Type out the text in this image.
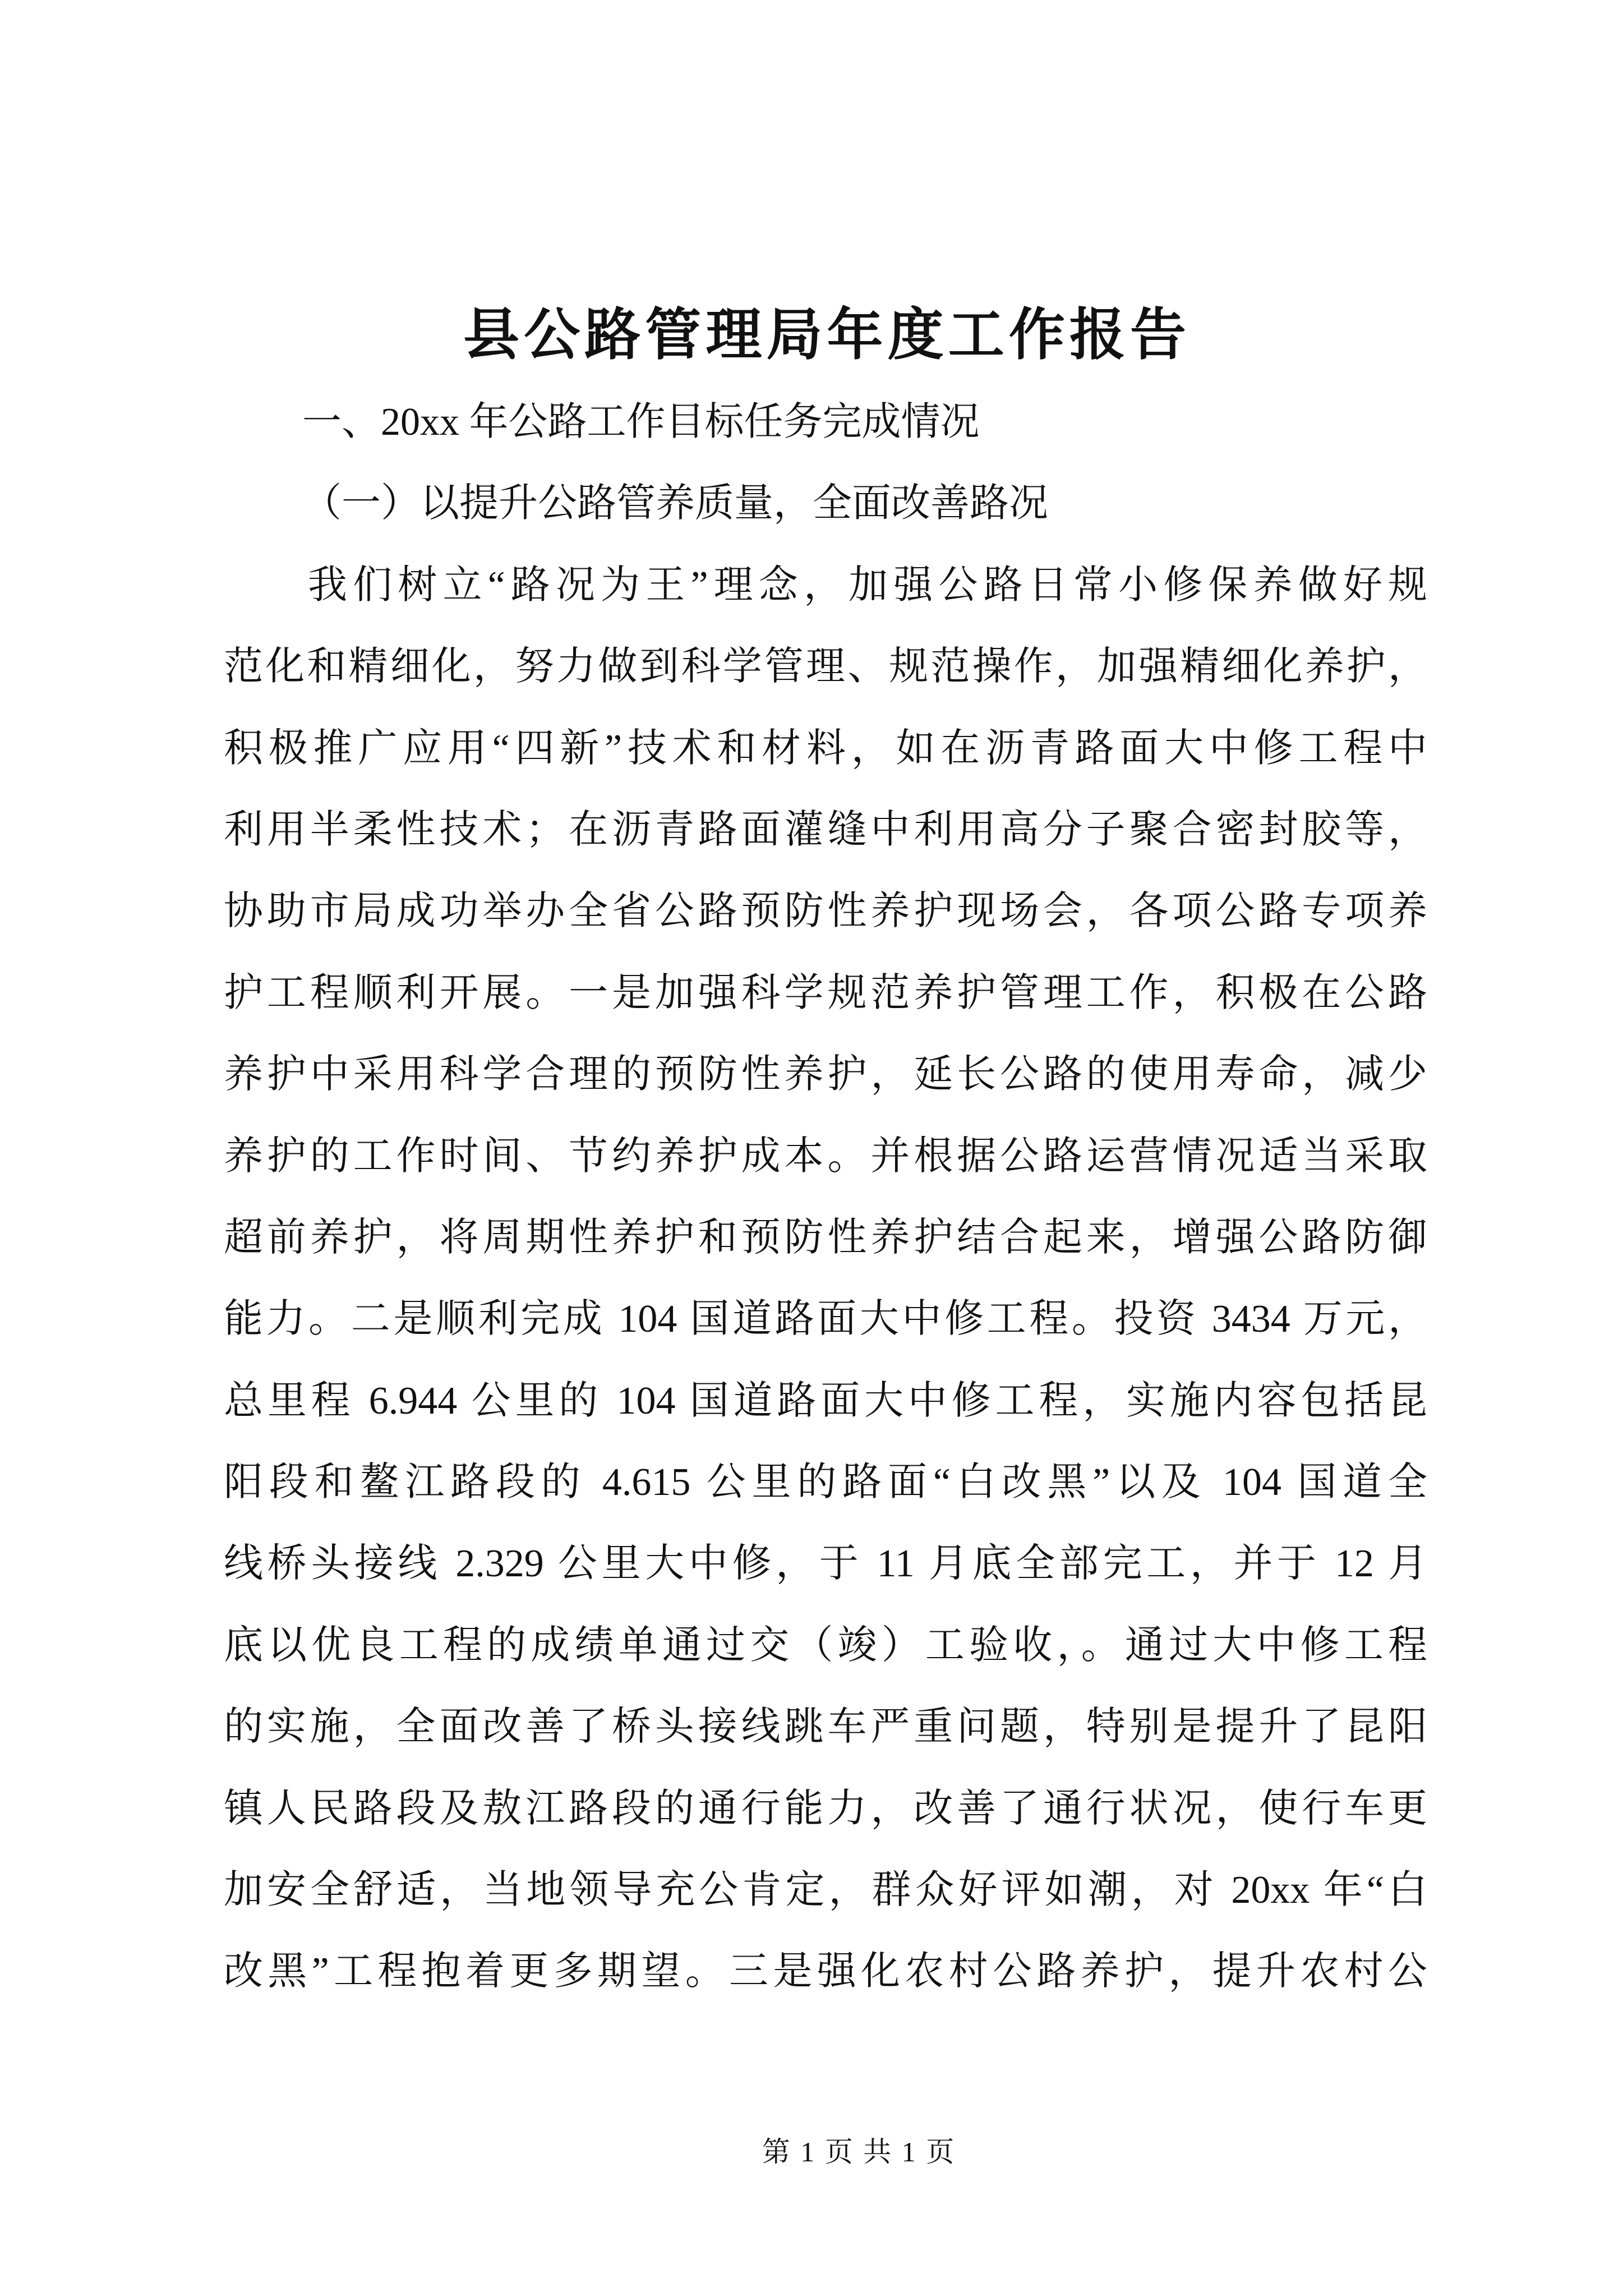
县公路管理局年度工作报告
一、20xx 年公路工作目标任务完成情况
（一）以提升公路管养质量，全面改善路况
我们树立“路况为王”理念，加强公路日常小修保养做好规
范化和精细化，努力做到科学管理、规范操作，加强精细化养护，
积极推广应用“四新”技术和材料，如在沥青路面大中修工程中
利用半柔性技术；在沥青路面灌缝中利用高分子聚合密封胶等，
协助市局成功举办全省公路预防性养护现场会，各项公路专项养
护工程顺利开展。一是加强科学规范养护管理工作，积极在公路
养护中采用科学合理的预防性养护，延长公路的使用寿命，减少
养护的工作时间、节约养护成本。并根据公路运营情况适当采取
超前养护，将周期性养护和预防性养护结合起来，增强公路防御
能力。二是顺利完成 104 国道路面大中修工程。投资 3434 万元，
总里程 6.944 公里的 104 国道路面大中修工程，实施内容包括昆
阳段和鳌江路段的 4.615 公里的路面“白改黑”以及 104 国道全
线桥头接线 2.329 公里大中修，于 11 月底全部完工，并于 12 月
底以优良工程的成绩单通过交（竣）工验收，。通过大中修工程
的实施，全面改善了桥头接线跳车严重问题，特别是提升了昆阳
镇人民路段及敖江路段的通行能力，改善了通行状况，使行车更
加安全舒适，当地领导充公肯定，群众好评如潮，对 20xx 年“白
改黑”工程抱着更多期望。三是强化农村公路养护，提升农村公
第 1 页 共 1 页
